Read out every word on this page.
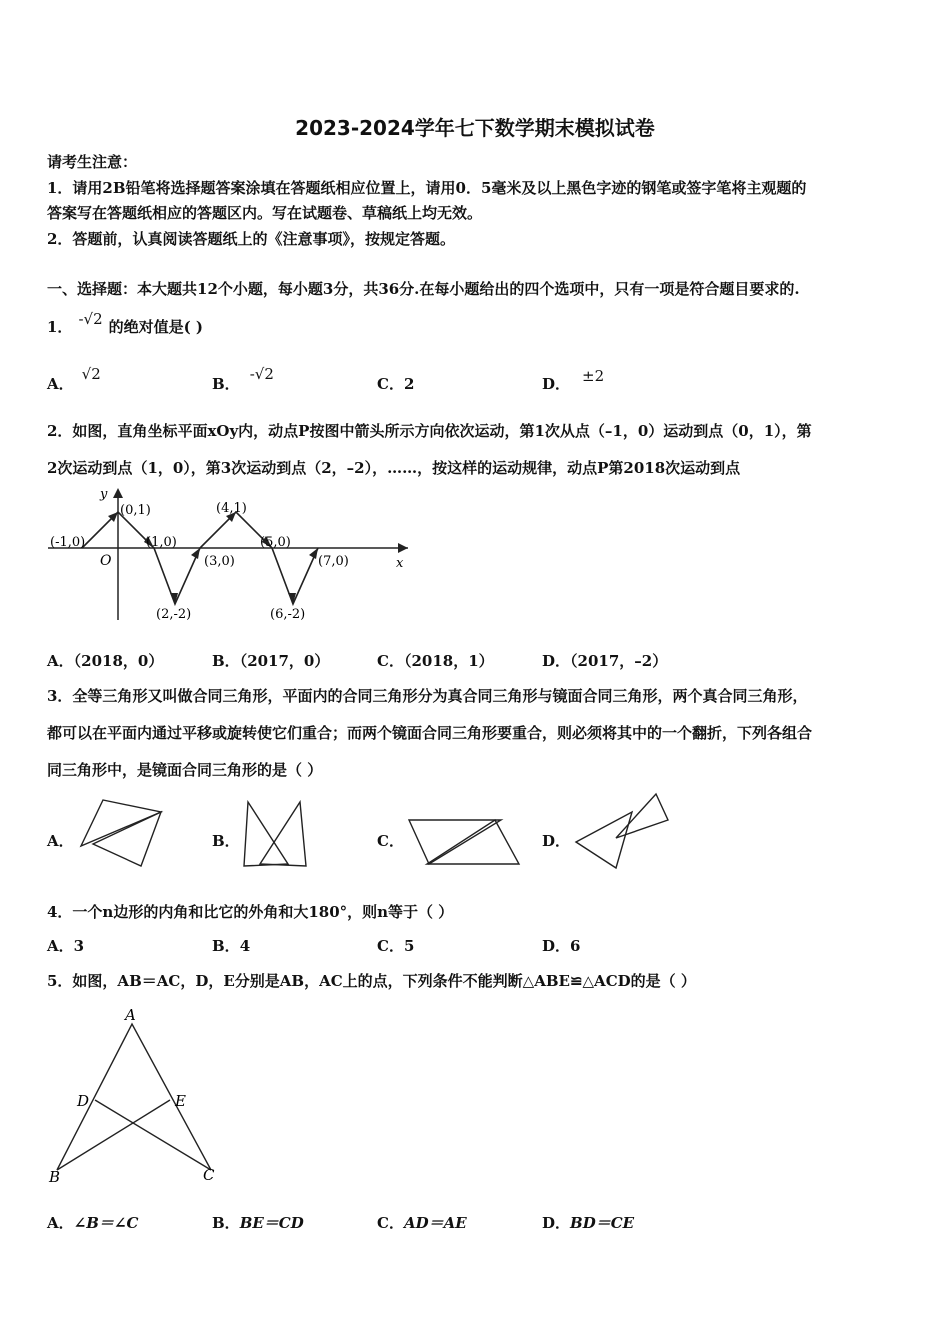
2023-2024学年七下数学期末模拟试卷
请考生注意：
1．请用2B铅笔将选择题答案涂填在答题纸相应位置上，请用0．5毫米及以上黑色字迹的钢笔或签字笔将主观题的
答案写在答题纸相应的答题区内。写在试题卷、草稿纸上均无效。
2．答题前，认真阅读答题纸上的《注意事项》，按规定答题。
一、选择题：本大题共12个小题，每小题3分，共36分.在每小题给出的四个选项中，只有一项是符合题目要求的.
1． -√2 的绝对值是( )
A．√2
B．-√2
C．2	D． ±2
2．如图，直角坐标平面xOy内，动点P按图中箭头所示方向依次运动，第1次从点（–1，0）运动到点（0，1），第
2次运动到点（1，0），第3次运动到点（2，–2），……，按这样的运动规律，动点P第2018次运动到点
x
y
O
(-1,0)
(0,1)
(1,0)
(2,-2)
(3,0)
(4,1)
(5,0)
(6,-2)
(7,0)
A．（2018，0）	B．（2017，0）	C．（2018，1）	D．（2017，–2）
3．全等三角形又叫做合同三角形，平面内的合同三角形分为真合同三角形与镜面合同三角形，两个真合同三角形，
都可以在平面内通过平移或旋转使它们重合；而两个镜面合同三角形要重合，则必须将其中的一个翻折，下列各组合
同三角形中，是镜面合同三角形的是（ ）
A．	B．	C．	D．
4．一个n边形的内角和比它的外角和大180°，则n等于（ ）
A．3	B．4	C．5	D．6
5．如图，AB＝AC，D，E分别是AB，AC上的点，下列条件不能判断△ABE≌△ACD的是（ ）
A
B	C
D	E
A．∠B＝∠C	B．BE＝CD	C．AD＝AE	D．BD＝CE
